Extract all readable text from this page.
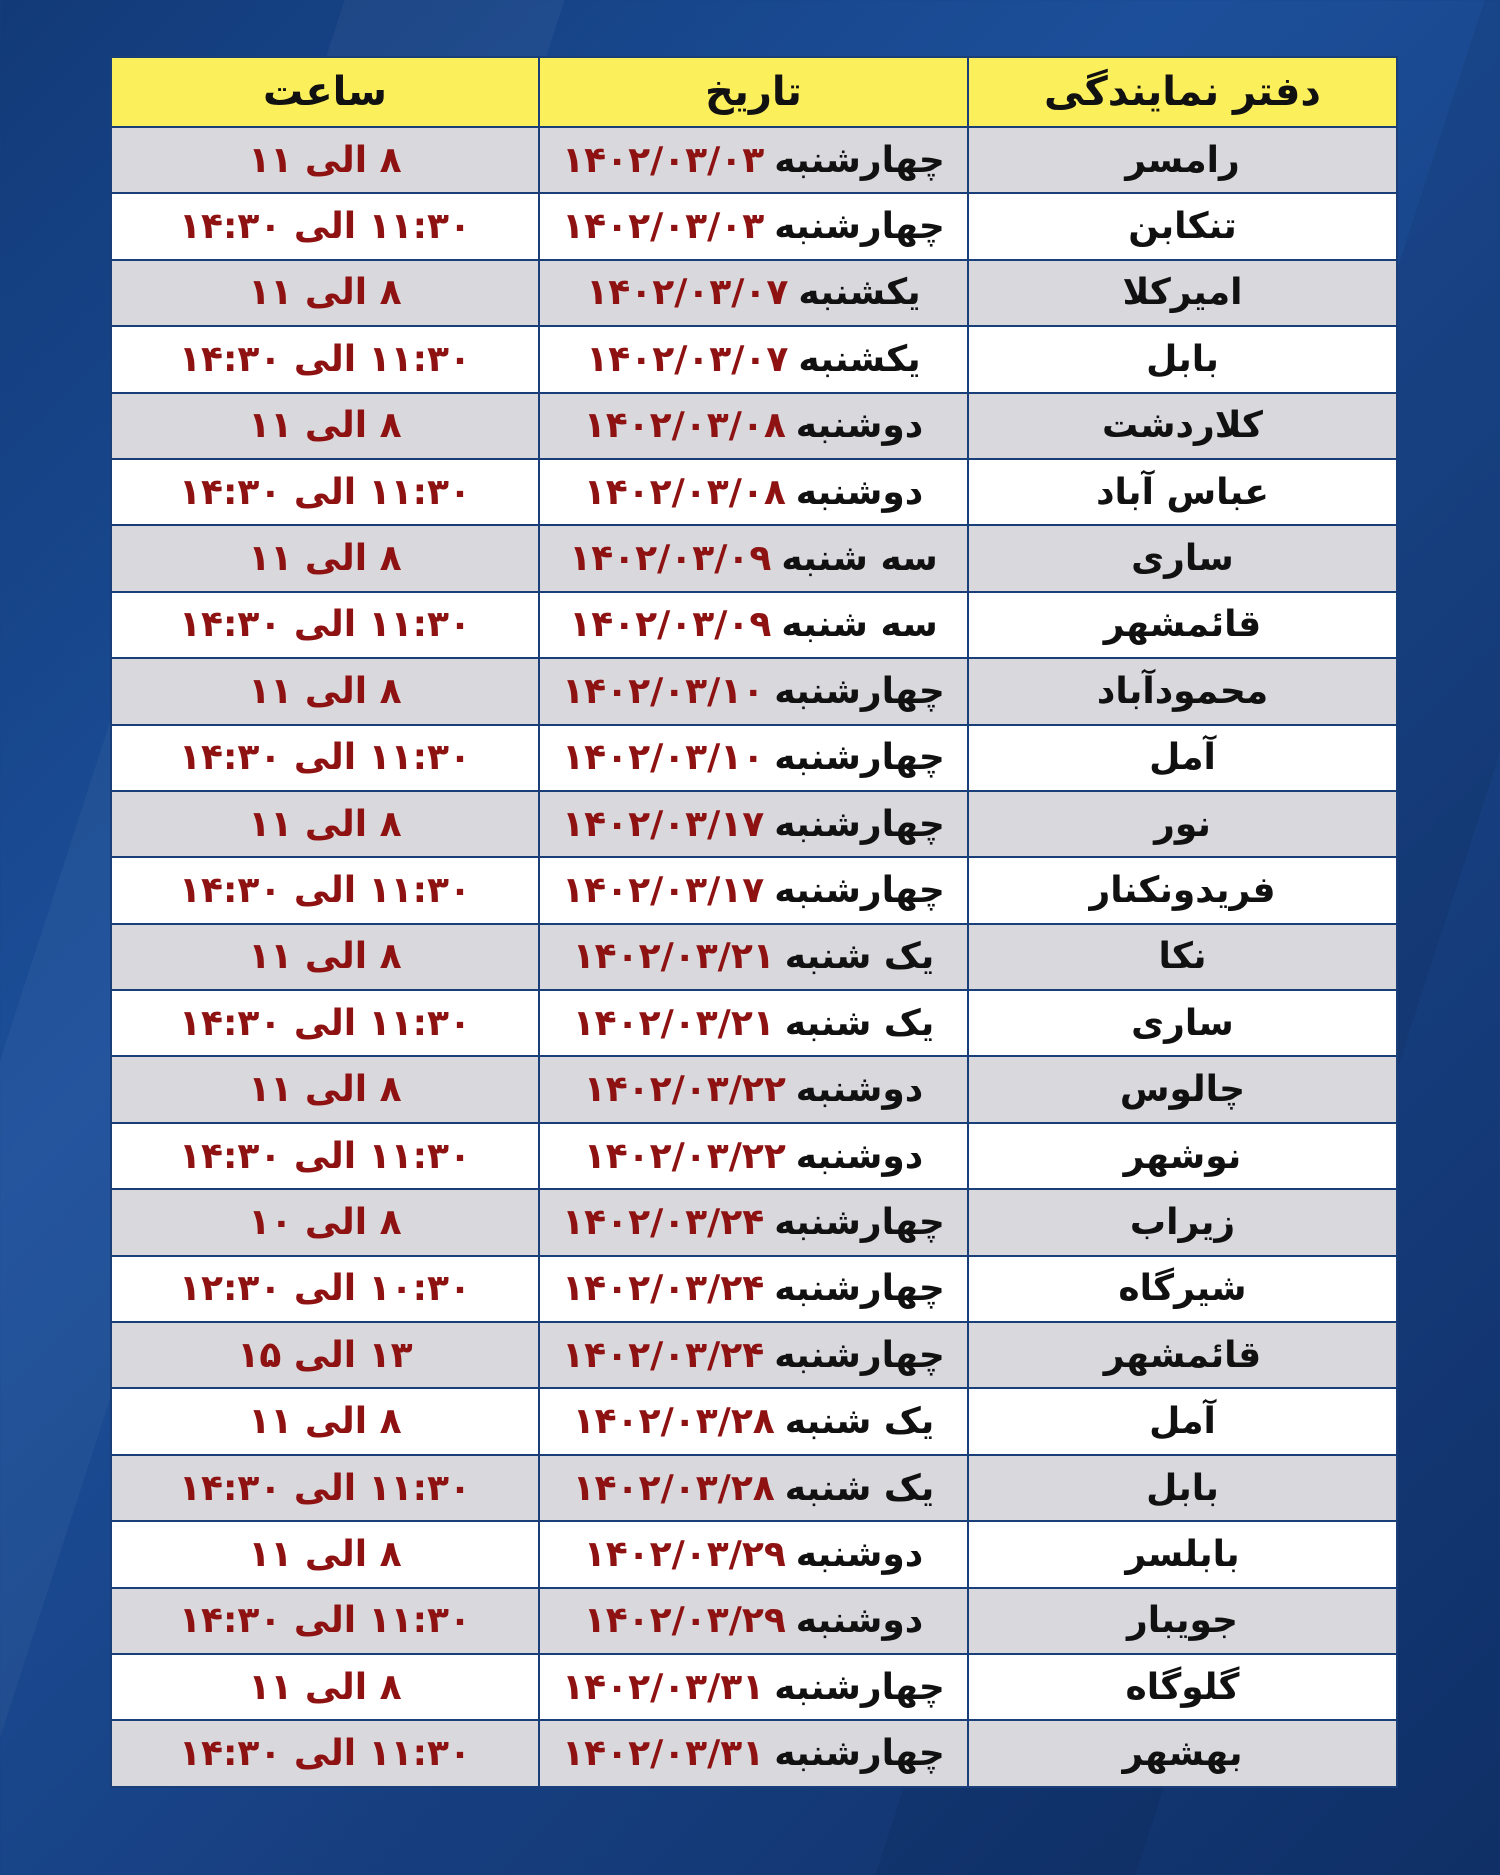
دفتر نمایندگی	تاریخ	ساعت
رامسر	چهارشنبه۱۴۰۲/۰۳/۰۳	۸ الی ۱۱
تنکابن	چهارشنبه۱۴۰۲/۰۳/۰۳	۱۱:۳۰ الی ۱۴:۳۰
امیرکلا	یکشنبه۱۴۰۲/۰۳/۰۷	۸ الی ۱۱
بابل	یکشنبه۱۴۰۲/۰۳/۰۷	۱۱:۳۰ الی ۱۴:۳۰
کلاردشت	دوشنبه۱۴۰۲/۰۳/۰۸	۸ الی ۱۱
عباس آباد	دوشنبه۱۴۰۲/۰۳/۰۸	۱۱:۳۰ الی ۱۴:۳۰
ساری	سه شنبه۱۴۰۲/۰۳/۰۹	۸ الی ۱۱
قائمشهر	سه شنبه۱۴۰۲/۰۳/۰۹	۱۱:۳۰ الی ۱۴:۳۰
محمودآباد	چهارشنبه۱۴۰۲/۰۳/۱۰	۸ الی ۱۱
آمل	چهارشنبه۱۴۰۲/۰۳/۱۰	۱۱:۳۰ الی ۱۴:۳۰
نور	چهارشنبه۱۴۰۲/۰۳/۱۷	۸ الی ۱۱
فریدونکنار	چهارشنبه۱۴۰۲/۰۳/۱۷	۱۱:۳۰ الی ۱۴:۳۰
نکا	یک شنبه۱۴۰۲/۰۳/۲۱	۸ الی ۱۱
ساری	یک شنبه۱۴۰۲/۰۳/۲۱	۱۱:۳۰ الی ۱۴:۳۰
چالوس	دوشنبه۱۴۰۲/۰۳/۲۲	۸ الی ۱۱
نوشهر	دوشنبه۱۴۰۲/۰۳/۲۲	۱۱:۳۰ الی ۱۴:۳۰
زیراب	چهارشنبه۱۴۰۲/۰۳/۲۴	۸ الی ۱۰
شیرگاه	چهارشنبه۱۴۰۲/۰۳/۲۴	۱۰:۳۰ الی ۱۲:۳۰
قائمشهر	چهارشنبه۱۴۰۲/۰۳/۲۴	۱۳ الی ۱۵
آمل	یک شنبه۱۴۰۲/۰۳/۲۸	۸ الی ۱۱
بابل	یک شنبه۱۴۰۲/۰۳/۲۸	۱۱:۳۰ الی ۱۴:۳۰
بابلسر	دوشنبه۱۴۰۲/۰۳/۲۹	۸ الی ۱۱
جویبار	دوشنبه۱۴۰۲/۰۳/۲۹	۱۱:۳۰ الی ۱۴:۳۰
گلوگاه	چهارشنبه۱۴۰۲/۰۳/۳۱	۸ الی ۱۱
بهشهر	چهارشنبه۱۴۰۲/۰۳/۳۱	۱۱:۳۰ الی ۱۴:۳۰
